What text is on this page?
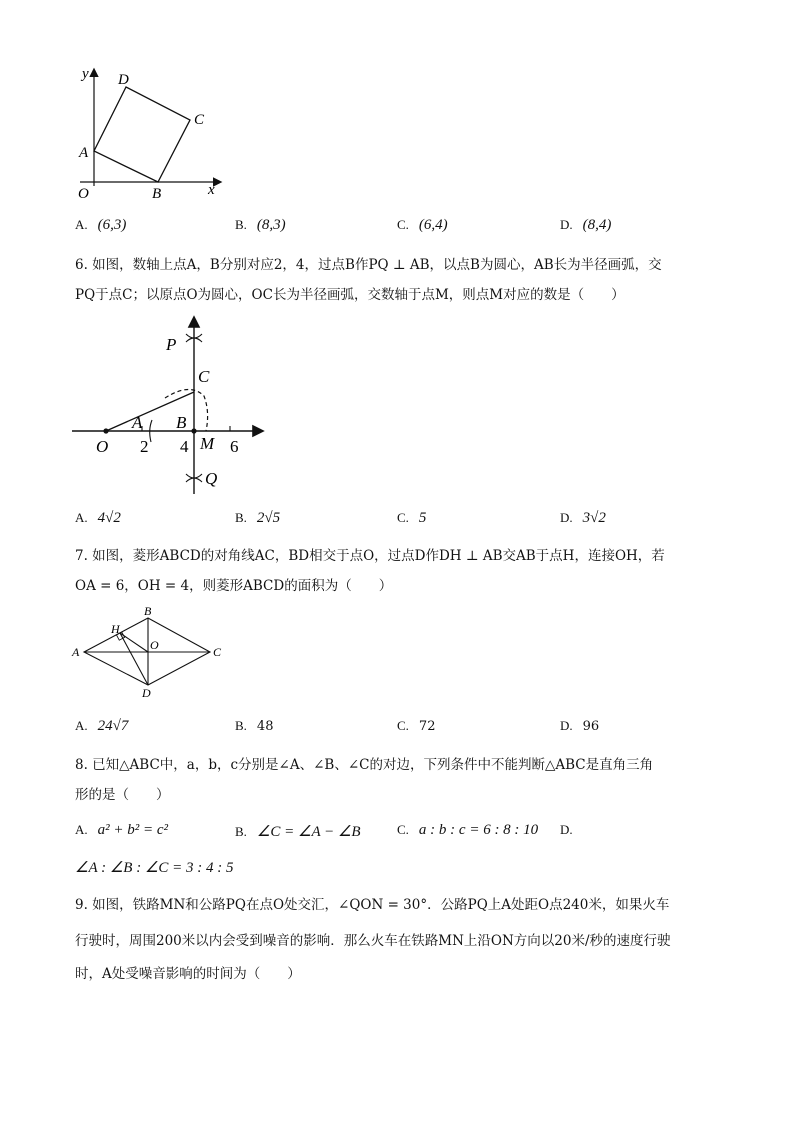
y D
C
A
O	B	x
A. (6,3)	B. (8,3)	C. (6,4)	D. (8,4)
6. 如图，数轴上点A，B分别对应2，4，过点B作PQ ⊥ AB，以点B为圆心，AB长为半径画弧，交
PQ于点C；以原点O为圆心，OC长为半径画弧，交数轴于点M，则点M对应的数是（　　）
P
C
A B
O 2 4 M 6
Q
A. 4√2	B. 2√5	C. 5	D. 3√2
7. 如图，菱形ABCD的对角线AC，BD相交于点O，过点D作DH ⊥ AB交AB于点H，连接OH，若
OA = 6，OH = 4，则菱形ABCD的面积为（　　）
A
B
C
D
H
O
A. 24√7	B. 48	C. 72	D. 96
8. 已知△ABC中，a，b，c分别是∠A、∠B、∠C的对边，下列条件中不能判断△ABC是直角三角
形的是（　　）
A. a² + b² = c²	B. ∠C = ∠A − ∠B	C. a : b : c = 6 : 8 : 10 D.
∠A : ∠B : ∠C = 3 : 4 : 5
9. 如图，铁路MN和公路PQ在点O处交汇，∠QON = 30°．公路PQ上A处距O点240米，如果火车
行驶时，周围200米以内会受到噪音的影响．那么火车在铁路MN上沿ON方向以20米/秒的速度行驶
时，A处受噪音影响的时间为（　　）
